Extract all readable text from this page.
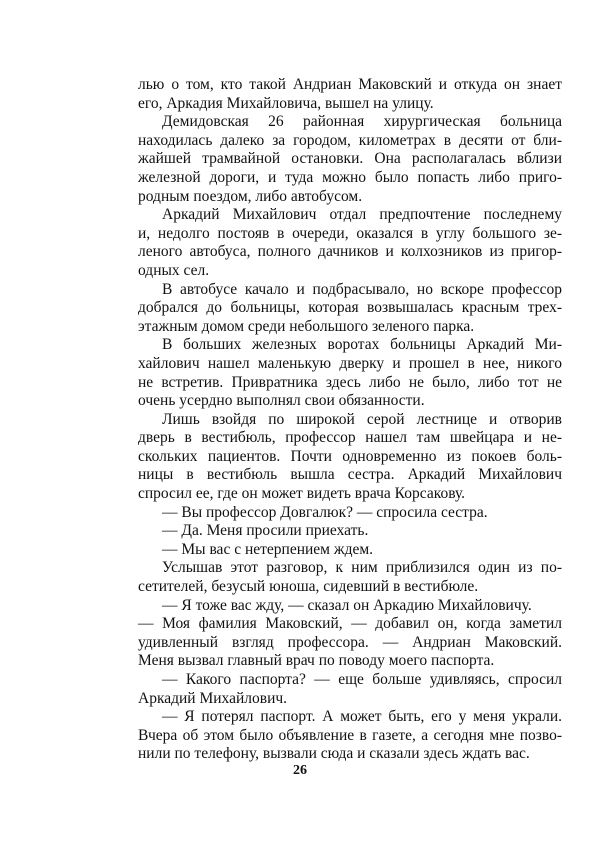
лью о том, кто такой Андриан Маковский и откуда он знает
его, Аркадия Михайловича, вышел на улицу.
Демидовская 26 районная хирургическая больница
находилась далеко за городом, километрах в десяти от бли-
жайшей трамвайной остановки. Она располагалась вблизи
железной дороги, и туда можно было попасть либо приго-
родным поездом, либо автобусом.
Аркадий Михайлович отдал предпочтение последнему
и, недолго постояв в очереди, оказался в углу большого зе-
леного автобуса, полного дачников и колхозников из пригор-
одных сел.
В автобусе качало и подбрасывало, но вскоре профессор
добрался до больницы, которая возвышалась красным трех-
этажным домом среди небольшого зеленого парка.
В больших железных воротах больницы Аркадий Ми-
хайлович нашел маленькую дверку и прошел в нее, никого
не встретив. Привратника здесь либо не было, либо тот не
очень усердно выполнял свои обязанности.
Лишь взойдя по широкой серой лестнице и отворив
дверь в вестибюль, профессор нашел там швейцара и не-
скольких пациентов. Почти одновременно из покоев боль-
ницы в вестибюль вышла сестра. Аркадий Михайлович
спросил ее, где он может видеть врача Корсакову.
— Вы профессор Довгалюк? — спросила сестра.
— Да. Меня просили приехать.
— Мы вас с нетерпением ждем.
Услышав этот разговор, к ним приблизился один из по-
сетителей, безусый юноша, сидевший в вестибюле.
— Я тоже вас жду, — сказал он Аркадию Михайловичу.
— Моя фамилия Маковский, — добавил он, когда заметил
удивленный взгляд профессора. — Андриан Маковский.
Меня вызвал главный врач по поводу моего паспорта.
— Какого паспорта? — еще больше удивляясь, спросил
Аркадий Михайлович.
— Я потерял паспорт. А может быть, его у меня украли.
Вчера об этом было объявление в газете, а сегодня мне позво-
нили по телефону, вызвали сюда и сказали здесь ждать вас.
26
